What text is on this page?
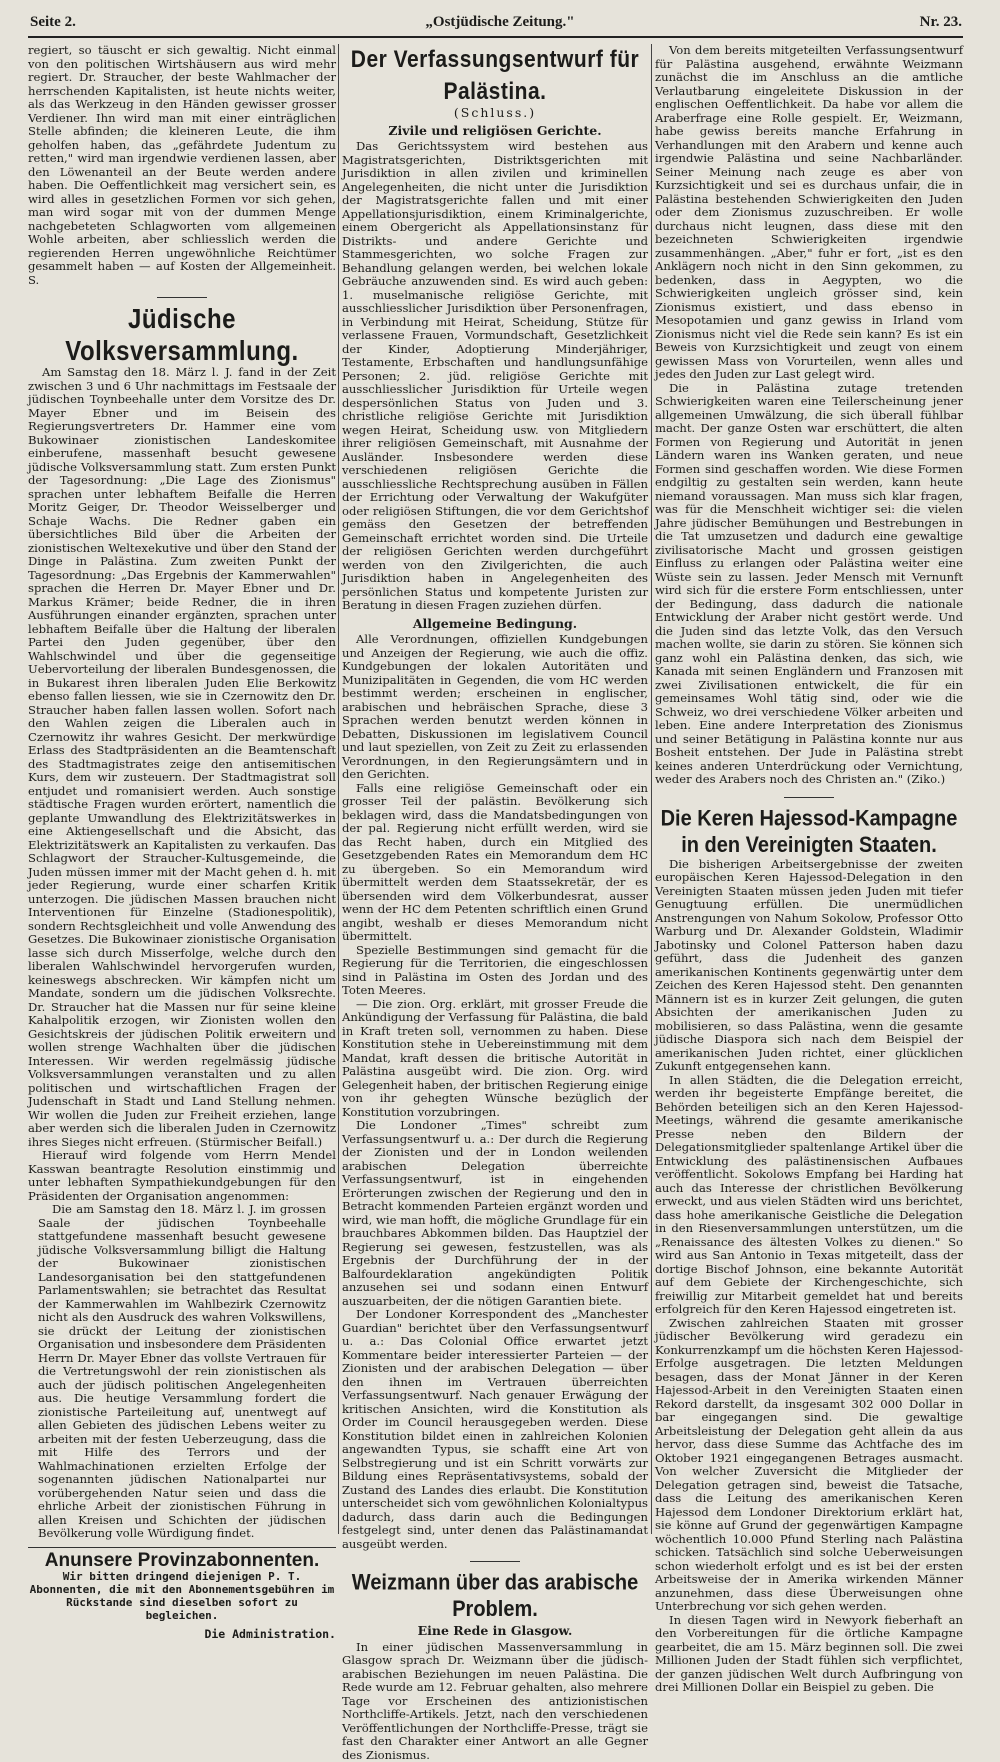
Seite 2.	„Ostjüdische Zeitung."	Nr. 23.

regiert, so täuscht er sich gewaltig. Nicht einmal von den politischen Wirtshäusern aus wird mehr regiert. Dr. Straucher, der beste Wahlmacher der herrschenden Kapitalisten, ist heute nichts weiter, als das Werkzeug in den Händen gewisser grosser Verdiener. Ihn wird man mit einer einträglichen Stelle abfinden; die kleineren Leute, die ihm geholfen haben, das „gefährdete Judentum zu retten," wird man irgendwie verdienen lassen, aber den Löwenanteil an der Beute werden andere haben. Die Oeffentlichkeit mag versichert sein, es wird alles in gesetzlichen Formen vor sich gehen, man wird sogar mit von der dummen Menge nachgebeteten Schlagworten vom allgemeinen Wohle arbeiten, aber schliesslich werden die regierenden Herren ungewöhnliche Reichtümer gesammelt haben — auf Kosten der Allgemeinheit. S.

Jüdische Volksversammlung.

Am Samstag den 18. März l. J. fand in der Zeit zwischen 3 und 6 Uhr nachmittags im Festsaale der jüdischen Toynbeehalle unter dem Vorsitze des Dr. Mayer Ebner und im Beisein des Regierungsvertreters Dr. Hammer eine vom Bukowinaer zionistischen Landeskomitee einberufene, massenhaft besucht gewesene jüdische Volksversammlung statt. Zum ersten Punkt der Tagesordnung: „Die Lage des Zionismus" sprachen unter lebhaftem Beifalle die Herren Moritz Geiger, Dr. Theodor Weisselberger und Schaje Wachs. Die Redner gaben ein übersichtliches Bild über die Arbeiten der zionistischen Weltexekutive und über den Stand der Dinge in Palästina. Zum zweiten Punkt der Tagesordnung: „Das Ergebnis der Kammerwahlen" sprachen die Herren Dr. Mayer Ebner und Dr. Markus Krämer; beide Redner, die in ihren Ausführungen einander ergänzten, sprachen unter lebhaftem Beifalle über die Haltung der liberalen Partei den Juden gegenüber, über den Wahlschwindel und über die gegenseitige Uebervorteilung der liberalen Bundesgenossen, die in Bukarest ihren liberalen Juden Elie Berkowitz ebenso fallen liessen, wie sie in Czernowitz den Dr. Straucher haben fallen lassen wollen. Sofort nach den Wahlen zeigen die Liberalen auch in Czernowitz ihr wahres Gesicht. Der merkwürdige Erlass des Stadtpräsidenten an die Beamtenschaft des Stadtmagistrates zeige den antisemitischen Kurs, dem wir zusteuern. Der Stadtmagistrat soll entjudet und romanisiert werden. Auch sonstige städtische Fragen wurden erörtert, namentlich die geplante Umwandlung des Elektrizitätswerkes in eine Aktiengesellschaft und die Absicht, das Elektrizitätswerk an Kapitalisten zu verkaufen. Das Schlagwort der Straucher-Kultusgemeinde, die Juden müssen immer mit der Macht gehen d. h. mit jeder Regierung, wurde einer scharfen Kritik unterzogen. Die jüdischen Massen brauchen nicht Interventionen für Einzelne (Stadionespolitik), sondern Rechtsgleichheit und volle Anwendung des Gesetzes. Die Bukowinaer zionistische Organisation lasse sich durch Misserfolge, welche durch den liberalen Wahlschwindel hervorgerufen wurden, keineswegs abschrecken. Wir kämpfen nicht um Mandate, sondern um die jüdischen Volksrechte. Dr. Straucher hat die Massen nur für seine kleine Kahalpolitik erzogen, wir Zionisten wollen den Gesichtskreis der jüdischen Politik erweitern und wollen strenge Wachhalten über die jüdischen Interessen. Wir werden regelmässig jüdische Volksversammlungen veranstalten und zu allen politischen und wirtschaftlichen Fragen der Judenschaft in Stadt und Land Stellung nehmen. Wir wollen die Juden zur Freiheit erziehen, lange aber werden sich die liberalen Juden in Czernowitz ihres Sieges nicht erfreuen. (Stürmischer Beifall.)

Hierauf wird folgende vom Herrn Mendel Kasswan beantragte Resolution einstimmig und unter lebhaften Sympathiekundgebungen für den Präsidenten der Organisation angenommen:

Die am Samstag den 18. März l. J. im grossen Saale der jüdischen Toynbeehalle stattgefundene massenhaft besucht gewesene jüdische Volksversammlung billigt die Haltung der Bukowinaer zionistischen Landesorganisation bei den stattgefundenen Parlamentswahlen; sie betrachtet das Resultat der Kammerwahlen im Wahlbezirk Czernowitz nicht als den Ausdruck des wahren Volkswillens, sie drückt der Leitung der zionistischen Organisation und insbesondere dem Präsidenten Herrn Dr. Mayer Ebner das vollste Vertrauen für die Vertretungswohl der rein zionistischen als auch der jüdisch politischen Angelegenheiten aus. Die heutige Versammlung fordert die zionistische Parteileitung auf, unentwegt auf allen Gebieten des jüdischen Lebens weiter zu arbeiten mit der festen Ueberzeugung, dass die mit Hilfe des Terrors und der Wahlmachinationen erzielten Erfolge der sogenannten jüdischen Nationalpartei nur vorübergehenden Natur seien und dass die ehrliche Arbeit der zionistischen Führung in allen Kreisen und Schichten der jüdischen Bevölkerung volle Würdigung findet.

Anunsere Provinzabonnenten.
Wir bitten dringend diejenigen P. T. Abonnenten, die mit den Abonnementsgebühren im Rückstande sind dieselben sofort zu begleichen.
Die Administration.
Der Verfassungsentwurf für Palästina.
(Schluss.)
Zivile und religiösen Gerichte.

Das Gerichtssystem wird bestehen aus Magistratsgerichten, Distriktsgerichten mit Jurisdiktion in allen zivilen und kriminellen Angelegenheiten, die nicht unter die Jurisdiktion der Magistratsgerichte fallen und mit einer Appellationsjurisdiktion, einem Kriminalgerichte, einem Obergericht als Appellationsinstanz für Distrikts- und andere Gerichte und Stammesgerichten, wo solche Fragen zur Behandlung gelangen werden, bei welchen lokale Gebräuche anzuwenden sind. Es wird auch geben: 1. muselmanische religiöse Gerichte, mit ausschliesslicher Jurisdiktion über Personenfragen, in Verbindung mit Heirat, Scheidung, Stütze für verlassene Frauen, Vormundschaft, Gesetzlichkeit der Kinder, Adoptierung Minderjähriger, Testamente, Erbschaften und handlungsunfähige Personen; 2. jüd. religiöse Gerichte mit ausschliesslicher Jurisdiktion für Urteile wegen despersönlichen Status von Juden und 3. christliche religiöse Gerichte mit Jurisdiktion wegen Heirat, Scheidung usw. von Mitgliedern ihrer religiösen Gemeinschaft, mit Ausnahme der Ausländer. Insbesondere werden diese verschiedenen religiösen Gerichte die ausschliessliche Rechtsprechung ausüben in Fällen der Errichtung oder Verwaltung der Wakufgüter oder religiösen Stiftungen, die vor dem Gerichtshof gemäss den Gesetzen der betreffenden Gemeinschaft errichtet worden sind. Die Urteile der religiösen Gerichten werden durchgeführt werden von den Zivilgerichten, die auch Jurisdiktion haben in Angelegenheiten des persönlichen Status und kompetente Juristen zur Beratung in diesen Fragen zuziehen dürfen.

Allgemeine Bedingung.

Alle Verordnungen, offiziellen Kundgebungen und Anzeigen der Regierung, wie auch die offiz. Kundgebungen der lokalen Autoritäten und Munizipalitäten in Gegenden, die vom HC werden bestimmt werden; erscheinen in englischer, arabischen und hebräischen Sprache, diese 3 Sprachen werden benutzt werden können in Debatten, Diskussionen im legislativem Council und laut speziellen, von Zeit zu Zeit zu erlassenden Verordnungen, in den Regierungsämtern und in den Gerichten.

Falls eine religiöse Gemeinschaft oder ein grosser Teil der palästin. Bevölkerung sich beklagen wird, dass die Mandatsbedingungen von der pal. Regierung nicht erfüllt werden, wird sie das Recht haben, durch ein Mitglied des Gesetzgebenden Rates ein Memorandum dem HC zu übergeben. So ein Memorandum wird übermittelt werden dem Staatssekretär, der es übersenden wird dem Völkerbundesrat, ausser wenn der HC dem Petenten schriftlich einen Grund angibt, weshalb er dieses Memorandum nicht übermittelt.

Spezielle Bestimmungen sind gemacht für die Regierung für die Territorien, die eingeschlossen sind in Palästina im Osten des Jordan und des Toten Meeres.

— Die zion. Org. erklärt, mit grosser Freude die Ankündigung der Verfassung für Palästina, die bald in Kraft treten soll, vernommen zu haben. Diese Konstitution stehe in Uebereinstimmung mit dem Mandat, kraft dessen die britische Autorität in Palästina ausgeübt wird. Die zion. Org. wird Gelegenheit haben, der britischen Regierung einige von ihr gehegten Wünsche bezüglich der Konstitution vorzubringen.

Die Londoner „Times" schreibt zum Verfassungsentwurf u. a.: Der durch die Regierung der Zionisten und der in London weilenden arabischen Delegation überreichte Verfassungsentwurf, ist in eingehenden Erörterungen zwischen der Regierung und den in Betracht kommenden Parteien ergänzt worden und wird, wie man hofft, die mögliche Grundlage für ein brauchbares Abkommen bilden. Das Hauptziel der Regierung sei gewesen, festzustellen, was als Ergebnis der Durchführung der in der Balfourdeklaration angekündigten Politik anzusehen sei und sodann einen Entwurf auszuarbeiten, der die nötigen Garantien biete.

Der Londoner Korrespondent des „Manchester Guardian" berichtet über den Verfassungsentwurf u. a.: Das Colonial Office erwartet jetzt Kommentare beider interessierter Parteien — der Zionisten und der arabischen Delegation — über den ihnen im Vertrauen überreichten Verfassungsentwurf. Nach genauer Erwägung der kritischen Ansichten, wird die Konstitution als Order im Council herausgegeben werden. Diese Konstitution bildet einen in zahlreichen Kolonien angewandten Typus, sie schafft eine Art von Selbstregierung und ist ein Schritt vorwärts zur Bildung eines Repräsentativsystems, sobald der Zustand des Landes dies erlaubt. Die Konstitution unterscheidet sich vom gewöhnlichen Kolonialtypus dadurch, dass darin auch die Bedingungen festgelegt sind, unter denen das Palästinamandat ausgeübt werden.

Weizmann über das arabische Problem.
Eine Rede in Glasgow.

In einer jüdischen Massenversammlung in Glasgow sprach Dr. Weizmann über die jüdisch-arabischen Beziehungen im neuen Palästina. Die Rede wurde am 12. Februar gehalten, also mehrere Tage vor Erscheinen des antizionistischen Northcliffe-Artikels. Jetzt, nach den verschiedenen Veröffentlichungen der Northcliffe-Presse, trägt sie fast den Charakter einer Antwort an alle Gegner des Zionismus.

Von dem bereits mitgeteilten Verfassungsentwurf für Palästina ausgehend, erwähnte Weizmann zunächst die im Anschluss an die amtliche Verlautbarung eingeleitete Diskussion in der englischen Oeffentlichkeit. Da habe vor allem die Araberfrage eine Rolle gespielt. Er, Weizmann, habe gewiss bereits manche Erfahrung in Verhandlungen mit den Arabern und kenne auch irgendwie Palästina und seine Nachbarländer. Seiner Meinung nach zeuge es aber von Kurzsichtigkeit und sei es durchaus unfair, die in Palästina bestehenden Schwierigkeiten den Juden oder dem Zionismus zuzuschreiben. Er wolle durchaus nicht leugnen, dass diese mit den bezeichneten Schwierigkeiten irgendwie zusammenhängen. „Aber," fuhr er fort, „ist es den Anklägern noch nicht in den Sinn gekommen, zu bedenken, dass in Aegypten, wo die Schwierigkeiten ungleich grösser sind, kein Zionismus existiert, und dass ebenso in Mesopotamien und ganz gewiss in Irland vom Zionismus nicht viel die Rede sein kann? Es ist ein Beweis von Kurzsichtigkeit und zeugt von einem gewissen Mass von Vorurteilen, wenn alles und jedes den Juden zur Last gelegt wird.

Die in Palästina zutage tretenden Schwierigkeiten waren eine Teilerscheinung jener allgemeinen Umwälzung, die sich überall fühlbar macht. Der ganze Osten war erschüttert, die alten Formen von Regierung und Autorität in jenen Ländern waren ins Wanken geraten, und neue Formen sind geschaffen worden. Wie diese Formen endgiltig zu gestalten sein werden, kann heute niemand voraussagen. Man muss sich klar fragen, was für die Menschheit wichtiger sei: die vielen Jahre jüdischer Bemühungen und Bestrebungen in die Tat umzusetzen und dadurch eine gewaltige zivilisatorische Macht und grossen geistigen Einfluss zu erlangen oder Palästina weiter eine Wüste sein zu lassen. Jeder Mensch mit Vernunft wird sich für die erstere Form entschliessen, unter der Bedingung, dass dadurch die nationale Entwicklung der Araber nicht gestört werde. Und die Juden sind das letzte Volk, das den Versuch machen wollte, sie darin zu stören. Sie können sich ganz wohl ein Palästina denken, das sich, wie Kanada mit seinen Engländern und Franzosen mit zwei Zivilisationen entwickelt, die für ein gemeinsames Wohl tätig sind, oder wie die Schweiz, wo drei verschiedene Völker arbeiten und leben. Eine andere Interpretation des Zionismus und seiner Betätigung in Palästina konnte nur aus Bosheit entstehen. Der Jude in Palästina strebt keines anderen Unterdrückung oder Vernichtung, weder des Arabers noch des Christen an." (Ziko.)

Die Keren Hajessod-Kampagne in den Vereinigten Staaten.

Die bisherigen Arbeitsergebnisse der zweiten europäischen Keren Hajessod-Delegation in den Vereinigten Staaten müssen jeden Juden mit tiefer Genugtuung erfüllen. Die unermüdlichen Anstrengungen von Nahum Sokolow, Professor Otto Warburg und Dr. Alexander Goldstein, Wladimir Jabotinsky und Colonel Patterson haben dazu geführt, dass die Judenheit des ganzen amerikanischen Kontinents gegenwärtig unter dem Zeichen des Keren Hajessod steht. Den genannten Männern ist es in kurzer Zeit gelungen, die guten Absichten der amerikanischen Juden zu mobilisieren, so dass Palästina, wenn die gesamte jüdische Diaspora sich nach dem Beispiel der amerikanischen Juden richtet, einer glücklichen Zukunft entgegensehen kann.

In allen Städten, die die Delegation erreicht, werden ihr begeisterte Empfänge bereitet, die Behörden beteiligen sich an den Keren Hajessod-Meetings, während die gesamte amerikanische Presse neben den Bildern der Delegationsmitglieder spaltenlange Artikel über die Entwicklung des palästinensischen Aufbaues veröffentlicht. Sokolows Empfang bei Harding hat auch das Interesse der christlichen Bevölkerung erweckt, und aus vielen Städten wird uns berichtet, dass hohe amerikanische Geistliche die Delegation in den Riesenversammlungen unterstützen, um die „Renaissance des ältesten Volkes zu dienen." So wird aus San Antonio in Texas mitgeteilt, dass der dortige Bischof Johnson, eine bekannte Autorität auf dem Gebiete der Kirchengeschichte, sich freiwillig zur Mitarbeit gemeldet hat und bereits erfolgreich für den Keren Hajessod eingetreten ist.

Zwischen zahlreichen Staaten mit grosser jüdischer Bevölkerung wird geradezu ein Konkurrenzkampf um die höchsten Keren Hajessod-Erfolge ausgetragen. Die letzten Meldungen besagen, dass der Monat Jänner in der Keren Hajessod-Arbeit in den Vereinigten Staaten einen Rekord darstellt, da insgesamt 302 000 Dollar in bar eingegangen sind. Die gewaltige Arbeitsleistung der Delegation geht allein da aus hervor, dass diese Summe das Achtfache des im Oktober 1921 eingegangenen Betrages ausmacht. Von welcher Zuversicht die Mitglieder der Delegation getragen sind, beweist die Tatsache, dass die Leitung des amerikanischen Keren Hajessod dem Londoner Direktorium erklärt hat, sie könne auf Grund der gegenwärtigen Kampagne wöchentlich 10.000 Pfund Sterling nach Palästina schicken. Tatsächlich sind solche Ueberweisungen schon wiederholt erfolgt und es ist bei der ersten Arbeitsweise der in Amerika wirkenden Männer anzunehmen, dass diese Überweisungen ohne Unterbrechung vor sich gehen werden.

In diesen Tagen wird in Newyork fieberhaft an den Vorbereitungen für die örtliche Kampagne gearbeitet, die am 15. März beginnen soll. Die zwei Millionen Juden der Stadt fühlen sich verpflichtet, der ganzen jüdischen Welt durch Aufbringung von drei Millionen Dollar ein Beispiel zu geben. Die
